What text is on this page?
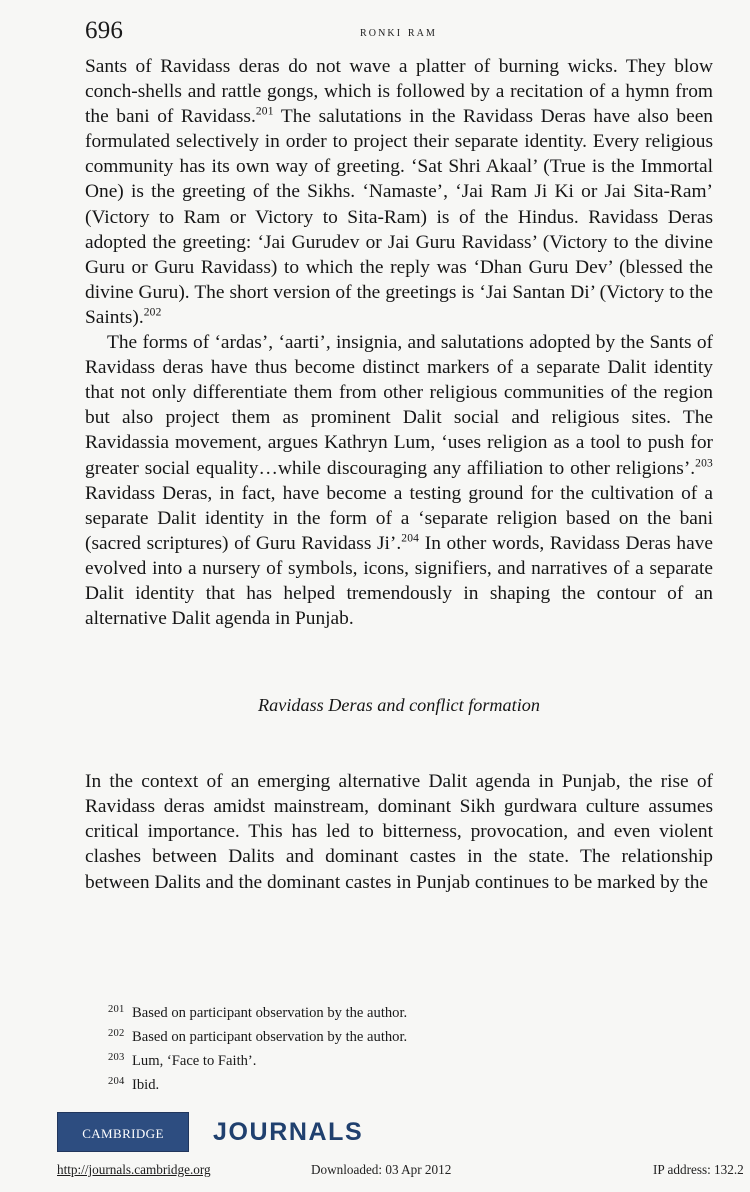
696	ronki ram

Sants of Ravidass deras do not wave a platter of burning wicks. They blow conch-shells and rattle gongs, which is followed by a recitation of a hymn from the bani of Ravidass.$^{201}$ The salutations in the Ravidass Deras have also been formulated selectively in order to project their separate identity. Every religious community has its own way of greeting. ‘Sat Shri Akaal’ (True is the Immortal One) is the greeting of the Sikhs. ‘Namaste’, ‘Jai Ram Ji Ki or Jai Sita-Ram’ (Victory to Ram or Victory to Sita-Ram) is of the Hindus. Ravidass Deras adopted the greeting: ‘Jai Gurudev or Jai Guru Ravidass’ (Victory to the divine Guru or Guru Ravidass) to which the reply was ‘Dhan Guru Dev’ (blessed the divine Guru). The short version of the greetings is ‘Jai Santan Di’ (Victory to the Saints).$^{202}$

The forms of ‘ardas’, ‘aarti’, insignia, and salutations adopted by the Sants of Ravidass deras have thus become distinct markers of a separate Dalit identity that not only differentiate them from other religious communities of the region but also project them as prominent Dalit social and religious sites. The Ravidassia movement, argues Kathryn Lum, ‘uses religion as a tool to push for greater social equality…while discouraging any affiliation to other religions’.$^{203}$ Ravidass Deras, in fact, have become a testing ground for the cultivation of a separate Dalit identity in the form of a ‘separate religion based on the bani (sacred scriptures) of Guru Ravidass Ji’.$^{204}$ In other words, Ravidass Deras have evolved into a nursery of symbols, icons, signifiers, and narratives of a separate Dalit identity that has helped tremendously in shaping the contour of an alternative Dalit agenda in Punjab.

Ravidass Deras and conflict formation

In the context of an emerging alternative Dalit agenda in Punjab, the rise of Ravidass deras amidst mainstream, dominant Sikh gurdwara culture assumes critical importance. This has led to bitterness, provocation, and even violent clashes between Dalits and dominant castes in the state. The relationship between Dalits and the dominant castes in Punjab continues to be marked by the

201 Based on participant observation by the author.
202 Based on participant observation by the author.
203 Lum, ‘Face to Faith’.
204 Ibid.
cambridge JOURNALS
http://journals.cambridge.org	Downloaded: 03 Apr 2012	IP address: 132.2
